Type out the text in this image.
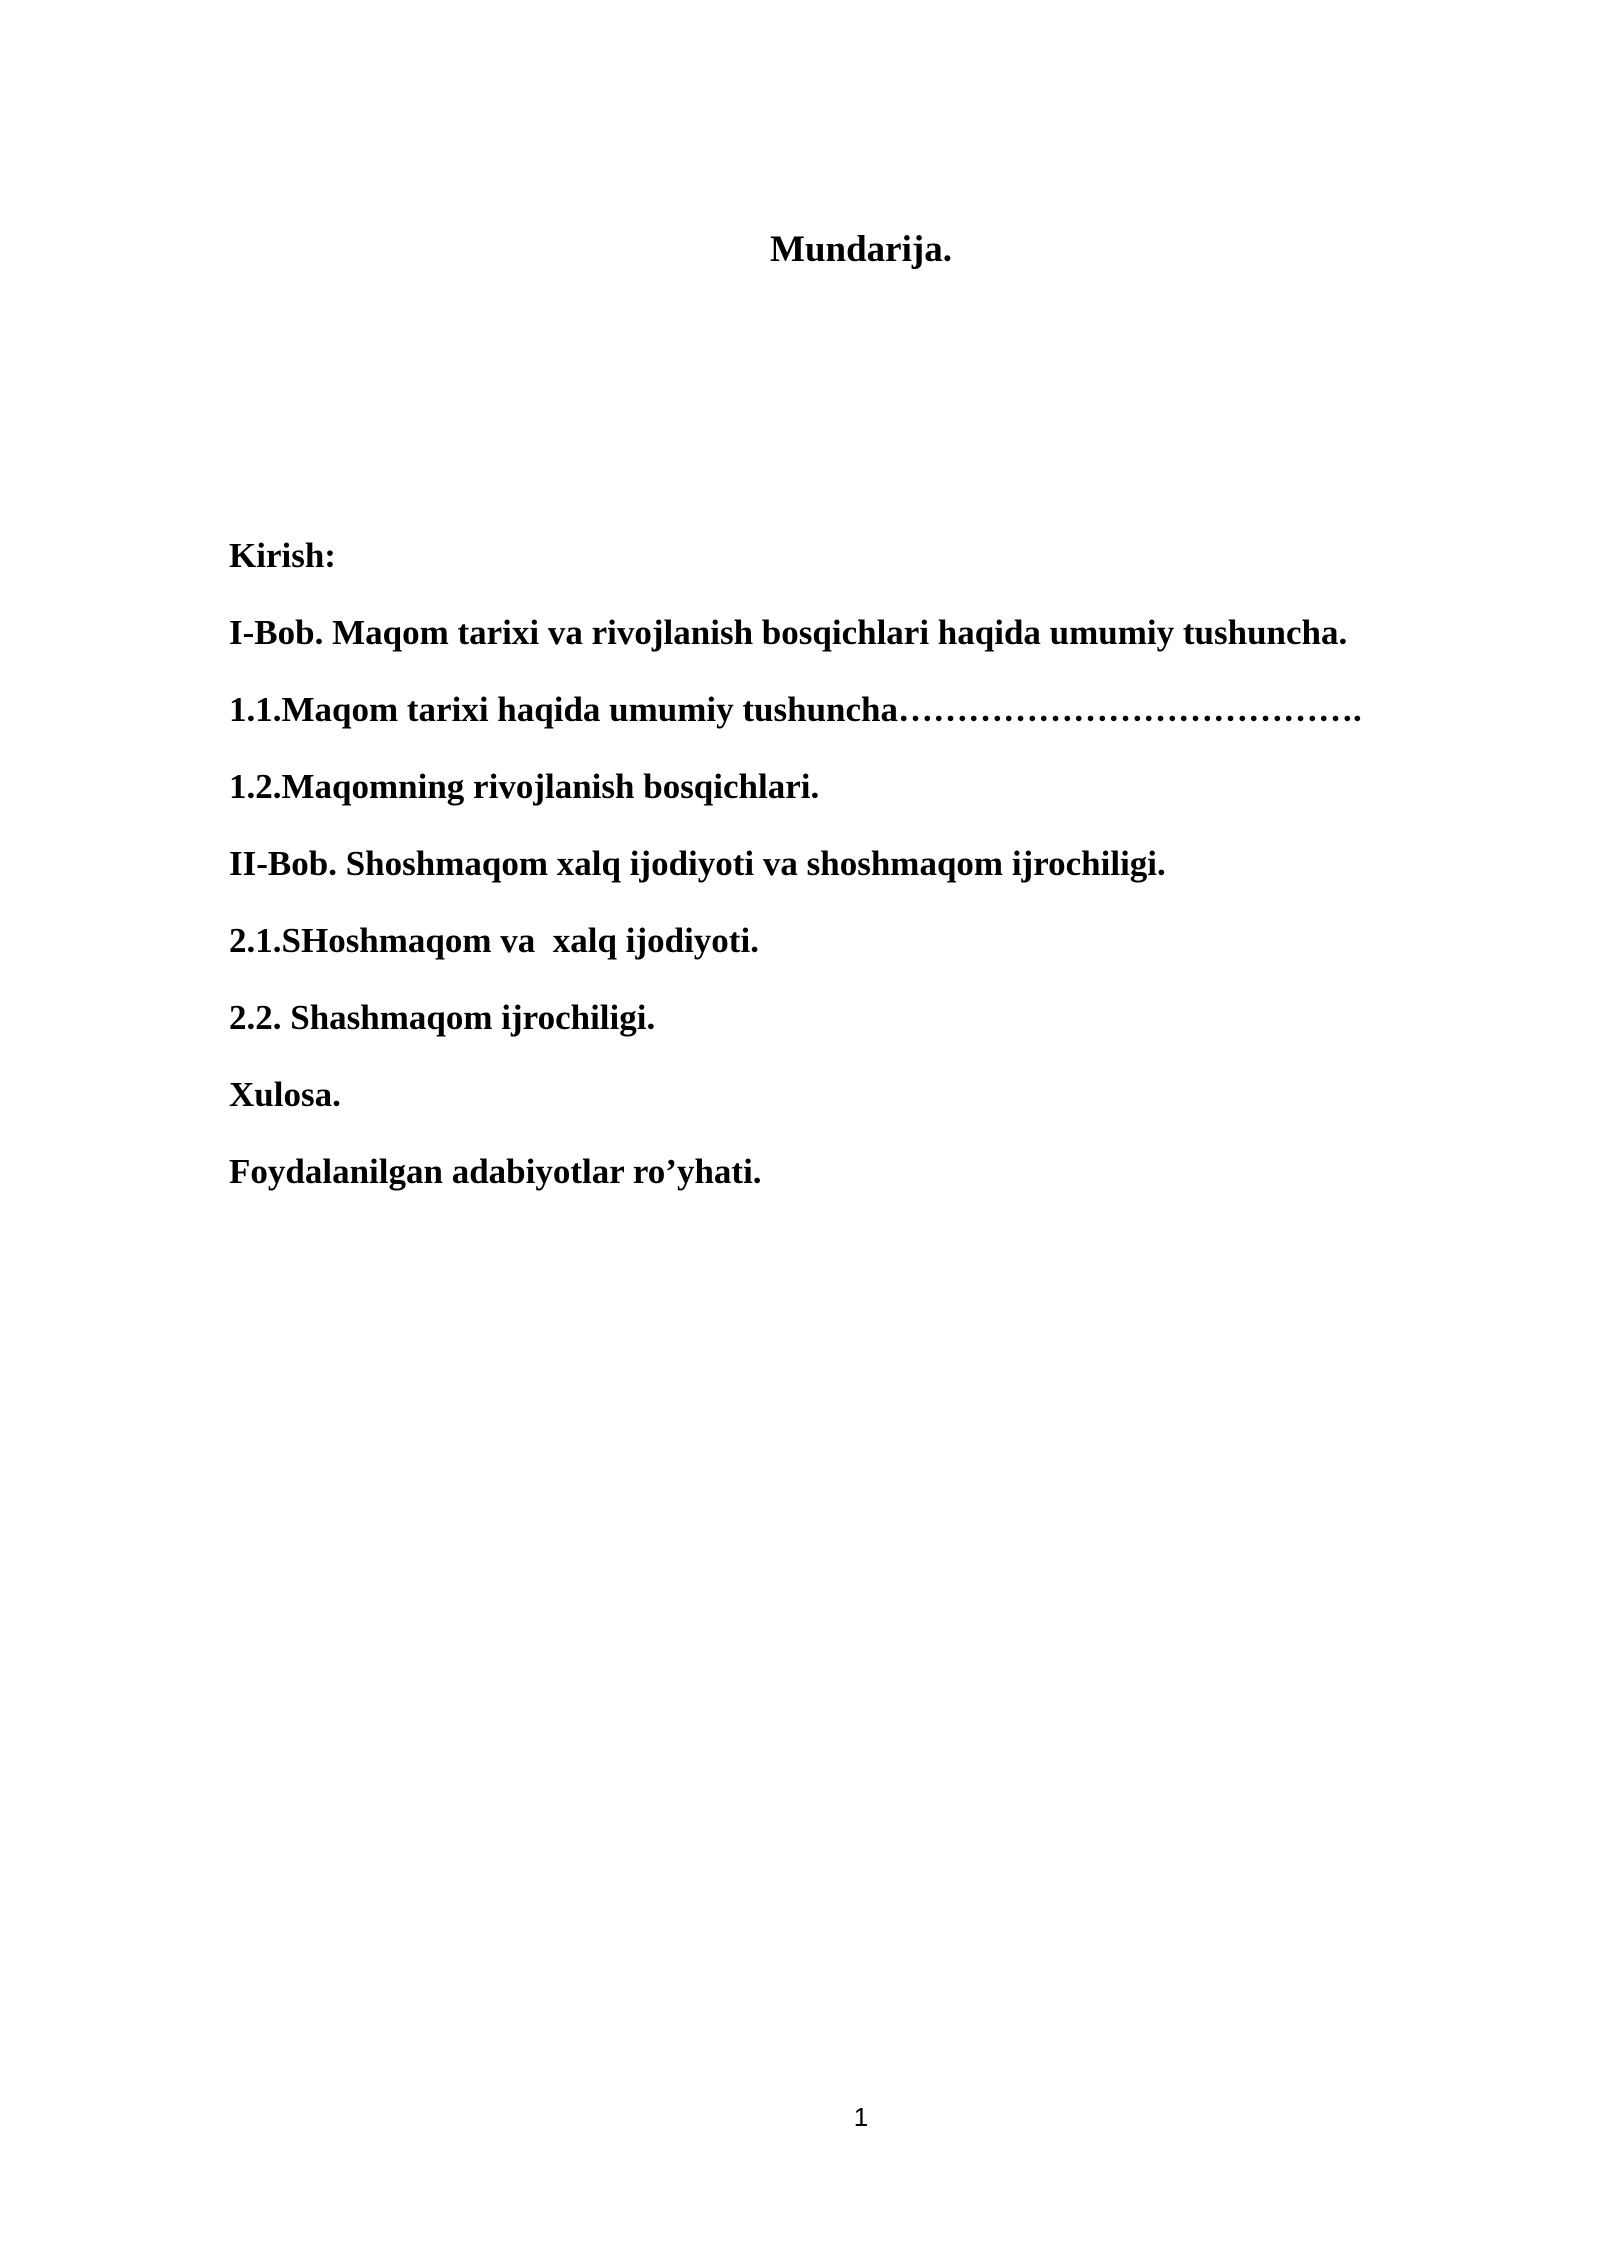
Mundarija.
Kirish:
I-Bob. Maqom tarixi va rivojlanish bosqichlari haqida umumiy tushuncha.
1.1.Maqom tarixi haqida umumiy tushuncha………………………………….
1.2.Maqomning rivojlanish bosqichlari.
II-Bob. Shoshmaqom xalq ijodiyoti va shoshmaqom ijrochiligi.
2.1.SHoshmaqom va  xalq ijodiyoti.
2.2. Shashmaqom ijrochiligi.
Xulosa.
Foydalanilgan adabiyotlar ro’yhati.
1
